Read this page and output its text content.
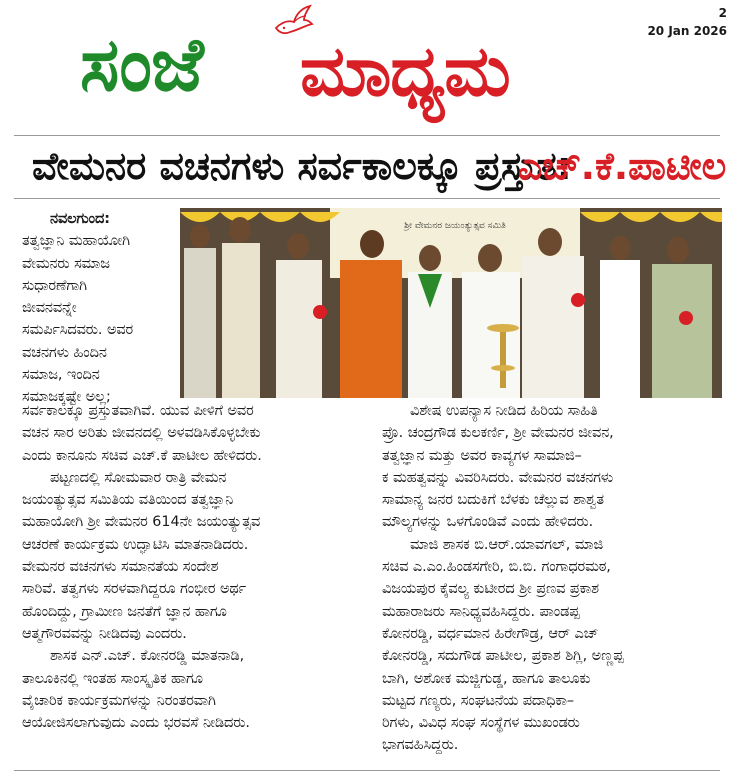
ಸಂಜೆ ಮಾಧ್ಯಮ
2
20 Jan 2026
ವೇಮನರ ವಚನಗಳು ಸರ್ವಕಾಲಕ್ಕೂ ಪ್ರಸ್ತುತ:
ಎಚ್.ಕೆ.ಪಾಟೀಲ
ಶ್ರೀ ವೇಮನರ ಜಯಂತ್ಯುತ್ಸವ ಸಮಿತಿ

ನವಲಗುಂದ:

ತತ್ವಜ್ಞಾನಿ ಮಹಾಯೋಗಿ

ವೇಮನರು ಸಮಾಜ

ಸುಧಾರಣೆಗಾಗಿ

ಜೀವನವನ್ನೇ

ಸಮರ್ಪಿಸಿದವರು. ಅವರ

ವಚನಗಳು ಹಿಂದಿನ

ಸಮಾಜ, ಇಂದಿನ

ಸಮಾಜಕ್ಕಷ್ಟೇ ಅಲ್ಲ;

ಸರ್ವಕಾಲಕ್ಕೂ ಪ್ರಸ್ತುತವಾಗಿವೆ. ಯುವ ಪೀಳಿಗೆ ಅವರ

ವಚನ ಸಾರ ಅರಿತು ಜೀವನದಲ್ಲಿ ಅಳವಡಿಸಿಕೊಳ್ಳಬೇಕು

ಎಂದು ಕಾನೂನು ಸಚಿವ ಎಚ್.ಕೆ ಪಾಟೀಲ ಹೇಳಿದರು.

ಪಟ್ಟಣದಲ್ಲಿ ಸೋಮವಾರ ರಾತ್ರಿ ವೇಮನ

ಜಯಂತ್ಯುತ್ಸವ ಸಮಿತಿಯ ವತಿಯಿಂದ ತತ್ವಜ್ಞಾನಿ

ಮಹಾಯೋಗಿ ಶ್ರೀ ವೇಮನರ 614ನೇ ಜಯಂತ್ಯುತ್ಸವ

ಆಚರಣೆ ಕಾರ್ಯಕ್ರಮ ಉದ್ಘಾಟಿಸಿ ಮಾತನಾಡಿದರು.

ವೇಮನರ ವಚನಗಳು ಸಮಾನತೆಯ ಸಂದೇಶ

ಸಾರಿವೆ. ತತ್ವಗಳು ಸರಳವಾಗಿದ್ದರೂ ಗಂಭೀರ ಅರ್ಥ

ಹೊಂದಿದ್ದು, ಗ್ರಾಮೀಣ ಜನತೆಗೆ ಜ್ಞಾನ ಹಾಗೂ

ಆತ್ಮಗೌರವವನ್ನು ನೀಡಿದವು ಎಂದರು.

ಶಾಸಕ ಎನ್.ಎಚ್. ಕೋನರಡ್ಡಿ ಮಾತನಾಡಿ,

ತಾಲೂಕಿನಲ್ಲಿ ಇಂತಹ ಸಾಂಸ್ಕೃತಿಕ ಹಾಗೂ

ವೈಚಾರಿಕ ಕಾರ್ಯಕ್ರಮಗಳನ್ನು ನಿರಂತರವಾಗಿ

ಆಯೋಜಿಸಲಾಗುವುದು ಎಂದು ಭರವಸೆ ನೀಡಿದರು.

ವಿಶೇಷ ಉಪನ್ಯಾಸ ನೀಡಿದ ಹಿರಿಯ ಸಾಹಿತಿ

ಪ್ರೊ. ಚಂದ್ರಗೌಡ ಕುಲಕರ್ಣಿ, ಶ್ರೀ ವೇಮನರ ಜೀವನ,

ತತ್ವಜ್ಞಾನ ಮತ್ತು ಅವರ ಕಾವ್ಯಗಳ ಸಾಮಾಜಿ–

ಕ ಮಹತ್ವವನ್ನು ವಿವರಿಸಿದರು. ವೇಮನರ ವಚನಗಳು

ಸಾಮಾನ್ಯ ಜನರ ಬದುಕಿಗೆ ಬೆಳಕು ಚೆಲ್ಲುವ ಶಾಶ್ವತ

ಮೌಲ್ಯಗಳನ್ನು ಒಳಗೊಂಡಿವೆ ಎಂದು ಹೇಳಿದರು.

ಮಾಜಿ ಶಾಸಕ ಬಿ.ಆರ್.ಯಾವಗಲ್, ಮಾಜಿ

ಸಚಿವ ಎ.ಎಂ.ಹಿಂಡಸಗೇರಿ, ಬಿ.ಬಿ. ಗಂಗಾಧರಮಠ,

ವಿಜಯಪುರ ಕೈವಲ್ಯ ಕುಟೀರದ ಶ್ರೀ ಪ್ರಣವ ಪ್ರಕಾಶ

ಮಹಾರಾಜರು ಸಾನಿಧ್ಯವಹಿಸಿದ್ದರು. ಪಾಂಡಪ್ಪ

ಕೋನರಡ್ಡಿ, ವರ್ಧಮಾನ ಹಿರೇಗೌಡ್ರ, ಆರ್ ಎಚ್

ಕೋನರಡ್ಡಿ, ಸದುಗೌಡ ಪಾಟೀಲ, ಪ್ರಕಾಶ ಶಿಗ್ಲಿ, ಅಣ್ಣಪ್ಪ

ಬಾಗಿ, ಅಶೋಕ ಮಜ್ಜಿಗುಡ್ಡ, ಹಾಗೂ ತಾಲೂಕು

ಮಟ್ಟದ ಗಣ್ಯರು, ಸಂಘಟನೆಯ ಪದಾಧಿಕಾ–

ರಿಗಳು, ವಿವಿಧ ಸಂಘ ಸಂಸ್ಥೆಗಳ ಮುಖಂಡರು

ಭಾಗವಹಿಸಿದ್ದರು.
